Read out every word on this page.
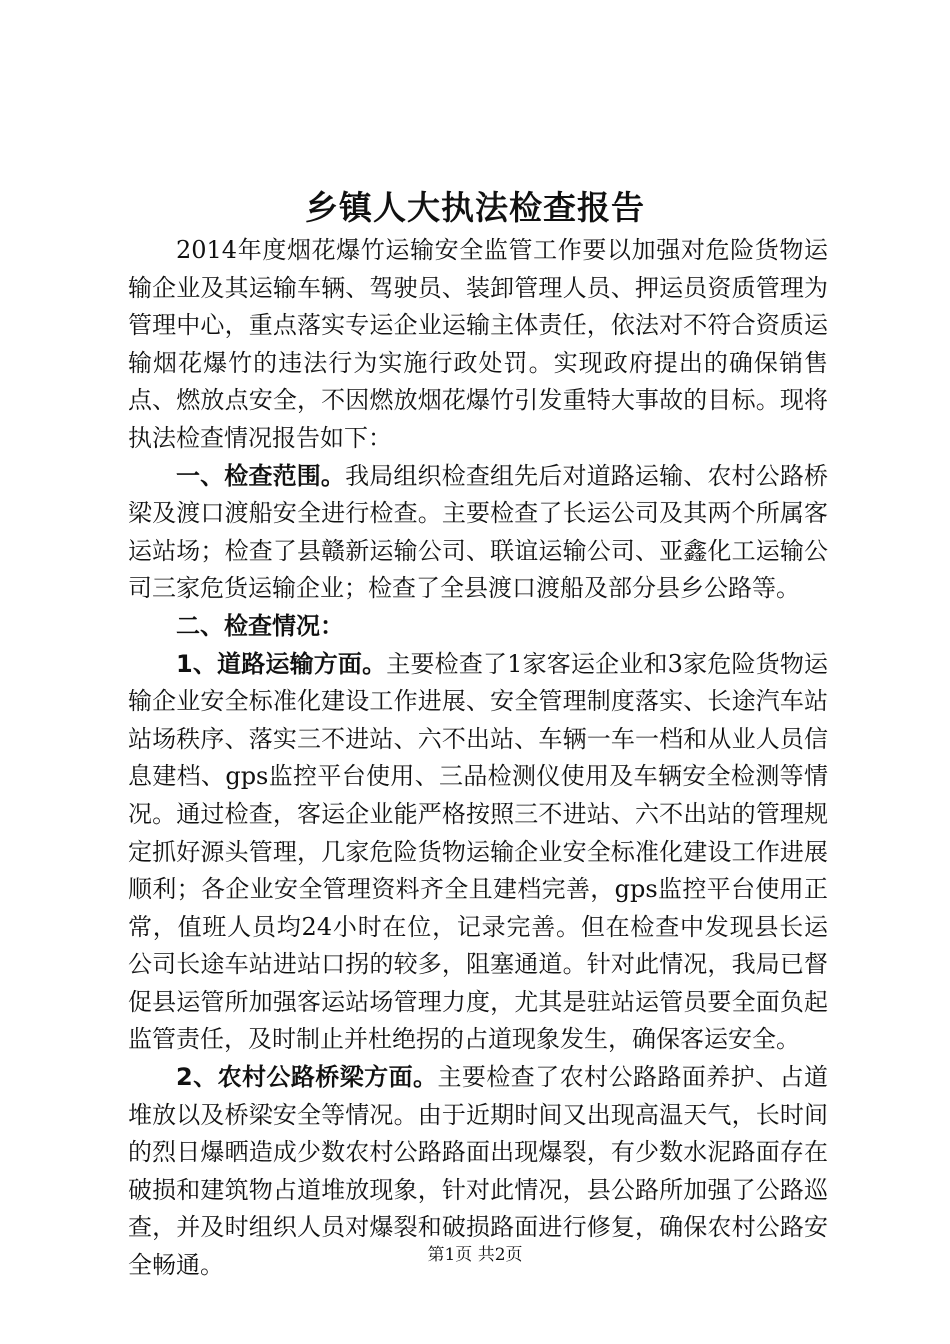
乡镇人大执法检查报告

2014年度烟花爆竹运输安全监管工作要以加强对危险货物运输企业及其运输车辆、驾驶员、装卸管理人员、押运员资质管理为管理中心，重点落实专运企业运输主体责任，依法对不符合资质运输烟花爆竹的违法行为实施行政处罚。实现政府提出的确保销售点、燃放点安全，不因燃放烟花爆竹引发重特大事故的目标。现将执法检查情况报告如下：

一、检查范围。我局组织检查组先后对道路运输、农村公路桥梁及渡口渡船安全进行检查。主要检查了长运公司及其两个所属客运站场；检查了县赣新运输公司、联谊运输公司、亚鑫化工运输公司三家危货运输企业；检查了全县渡口渡船及部分县乡公路等。

二、检查情况：

1、道路运输方面。主要检查了1家客运企业和3家危险货物运输企业安全标准化建设工作进展、安全管理制度落实、长途汽车站站场秩序、落实三不进站、六不出站、车辆一车一档和从业人员信息建档、gps监控平台使用、三品检测仪使用及车辆安全检测等情况。通过检查，客运企业能严格按照三不进站、六不出站的管理规定抓好源头管理，几家危险货物运输企业安全标准化建设工作进展顺利；各企业安全管理资料齐全且建档完善，gps监控平台使用正常，值班人员均24小时在位，记录完善。但在检查中发现县长运公司长途车站进站口拐的较多，阻塞通道。针对此情况，我局已督促县运管所加强客运站场管理力度，尤其是驻站运管员要全面负起监管责任，及时制止并杜绝拐的占道现象发生，确保客运安全。

2、农村公路桥梁方面。主要检查了农村公路路面养护、占道堆放以及桥梁安全等情况。由于近期时间又出现高温天气，长时间的烈日爆晒造成少数农村公路路面出现爆裂，有少数水泥路面存在破损和建筑物占道堆放现象，针对此情况，县公路所加强了公路巡查，并及时组织人员对爆裂和破损路面进行修复，确保农村公路安全畅通。	第1页 共2页
